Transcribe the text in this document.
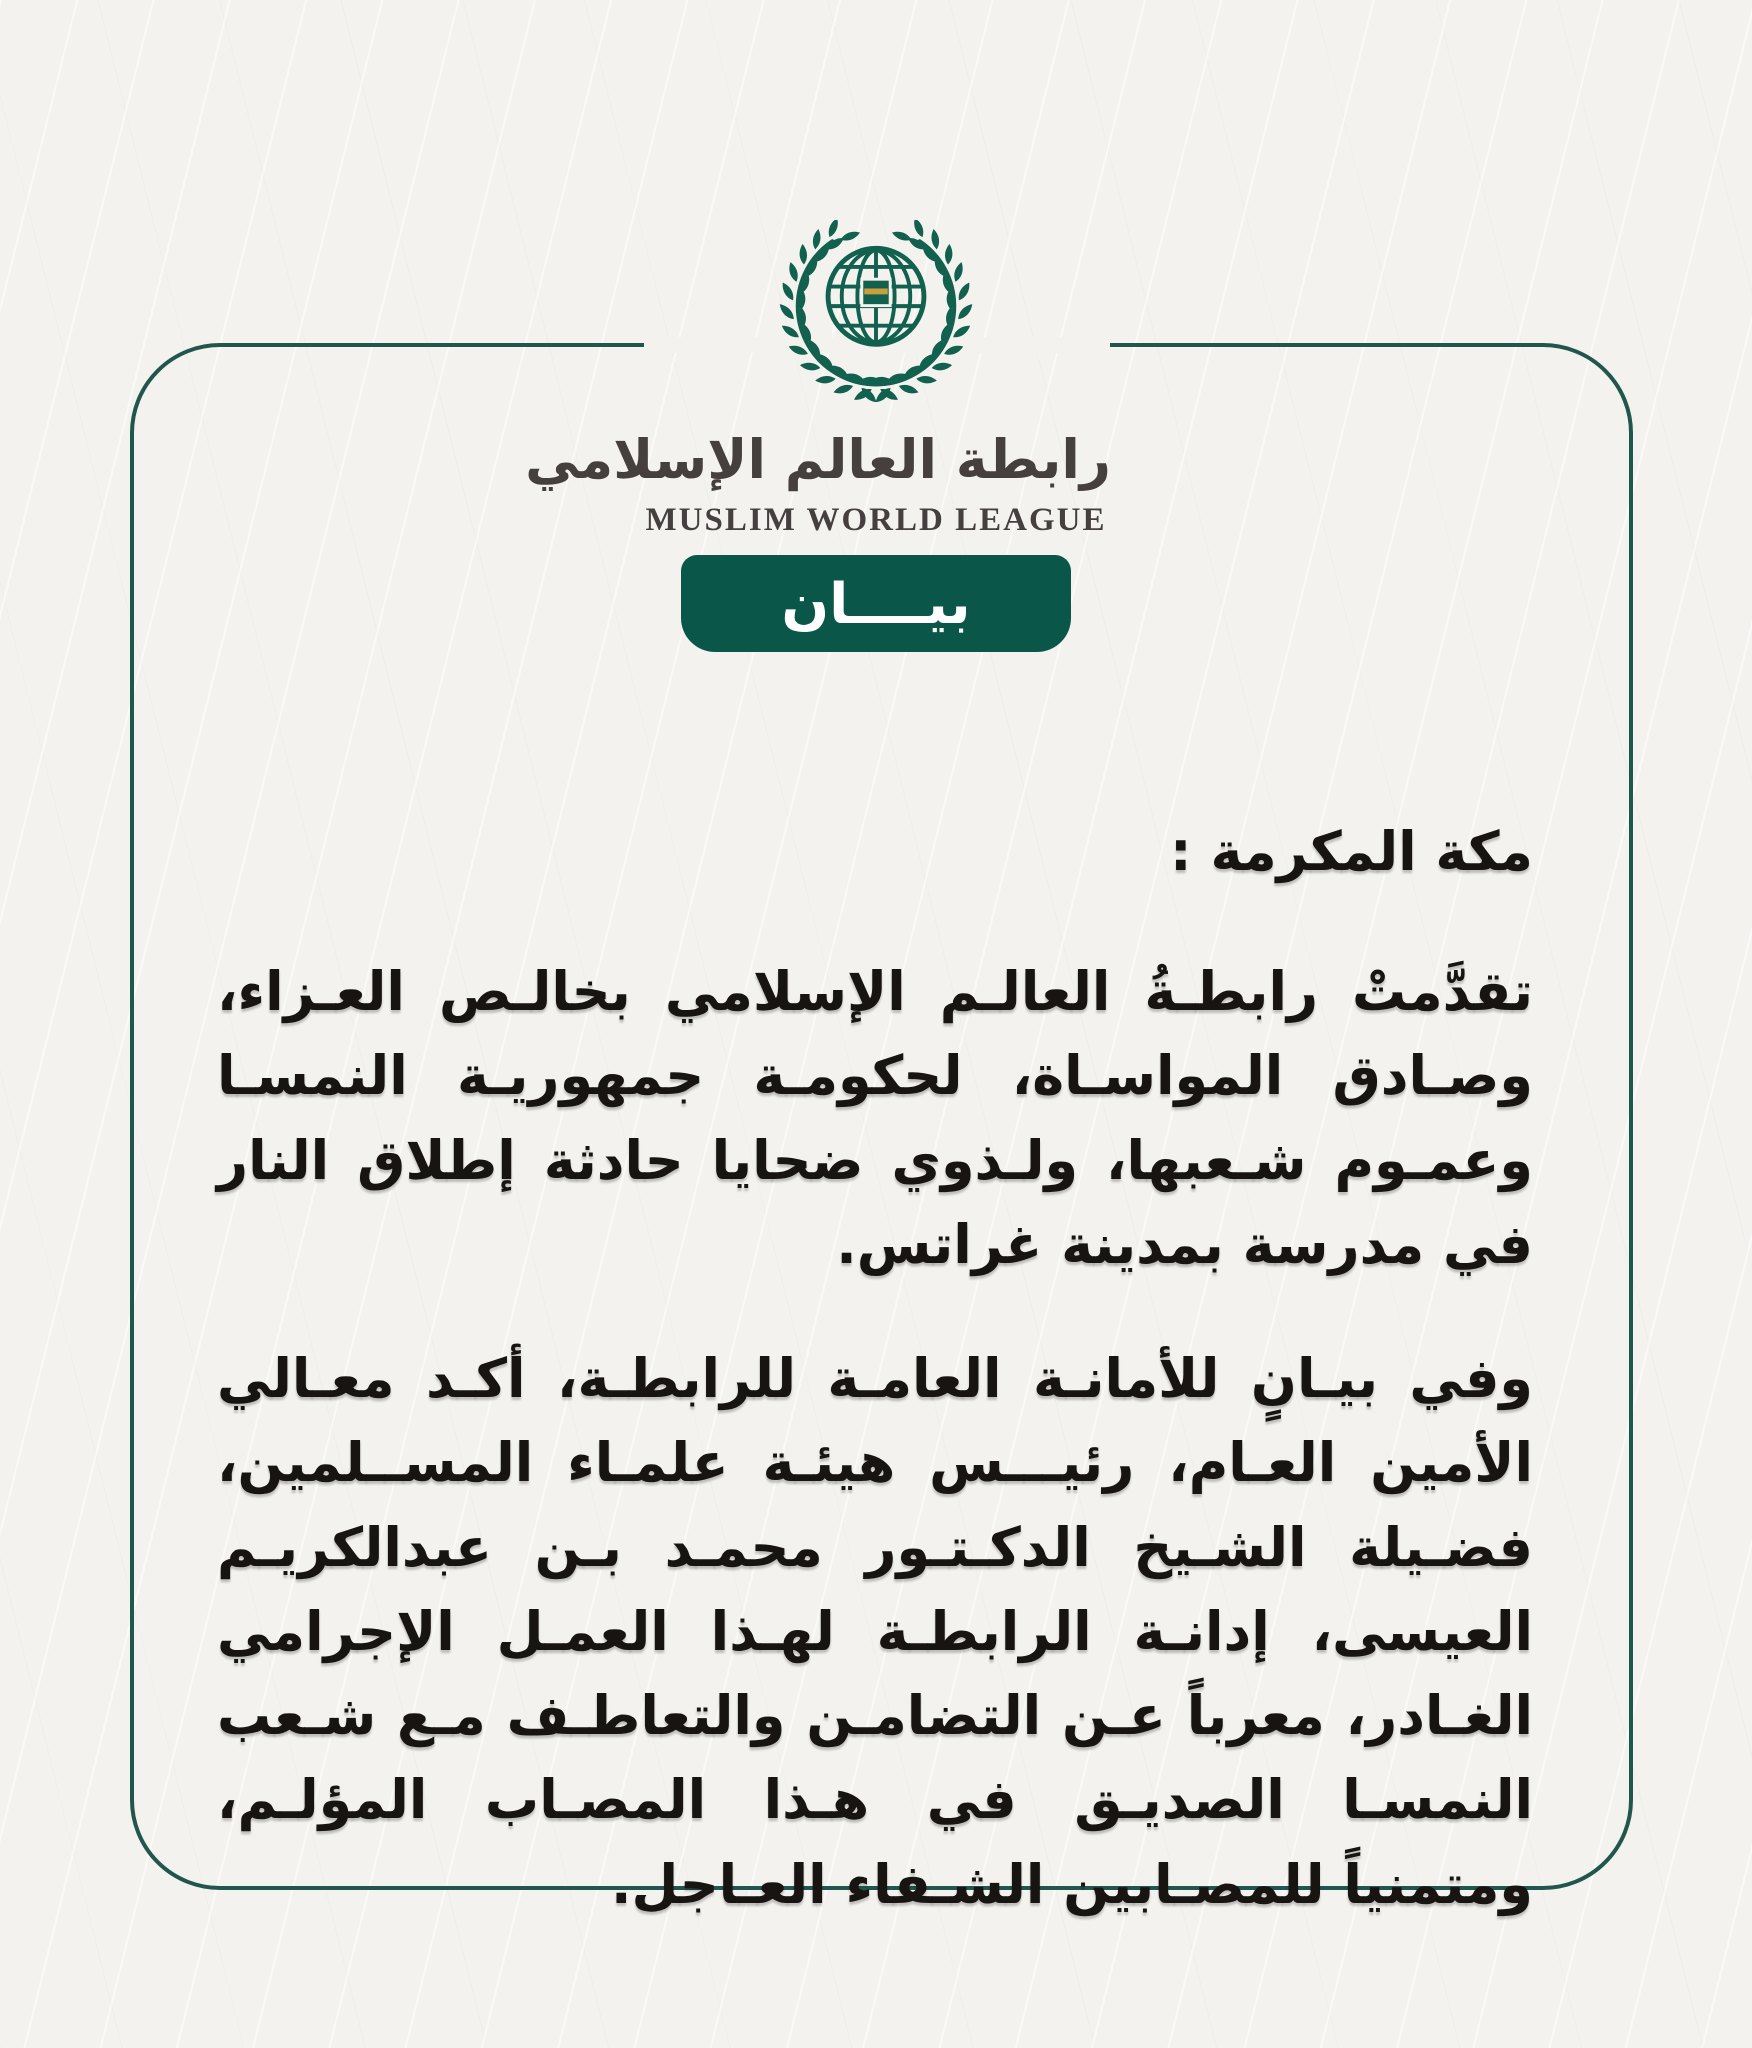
رابطة العالم الإسلامي
MUSLIM WORLD LEAGUE
بيــــان
مكة المكرمة :

تقدَّمتْ رابطـةُ العالـم الإسلامي بخالـص العـزاء، وصـادق المواسـاة، لحكومـة جمهوريـة النمسـا وعمـوم شـعبها، ولـذوي ضحايا حادثة إطلاق النار في مدرسة بمدينة غراتس.

وفي بيـانٍ للأمانـة العامـة للرابطـة، أكـد معـالي الأمين العـام، رئيـــس هيئـة علمـاء المســلمين، فضـيلة الشـيخ الدكـتـور محمـد بـن عبدالكريـم العيسى، إدانـة الرابطـة لهـذا العمـل الإجرامي الغـادر، معرباً عـن التضامـن والتعاطـف مـع شـعب النمسـا الصديـق في هـذا المصـاب المؤلـم، ومتمنياً للمصـابين الشـفاء العـاجل.
